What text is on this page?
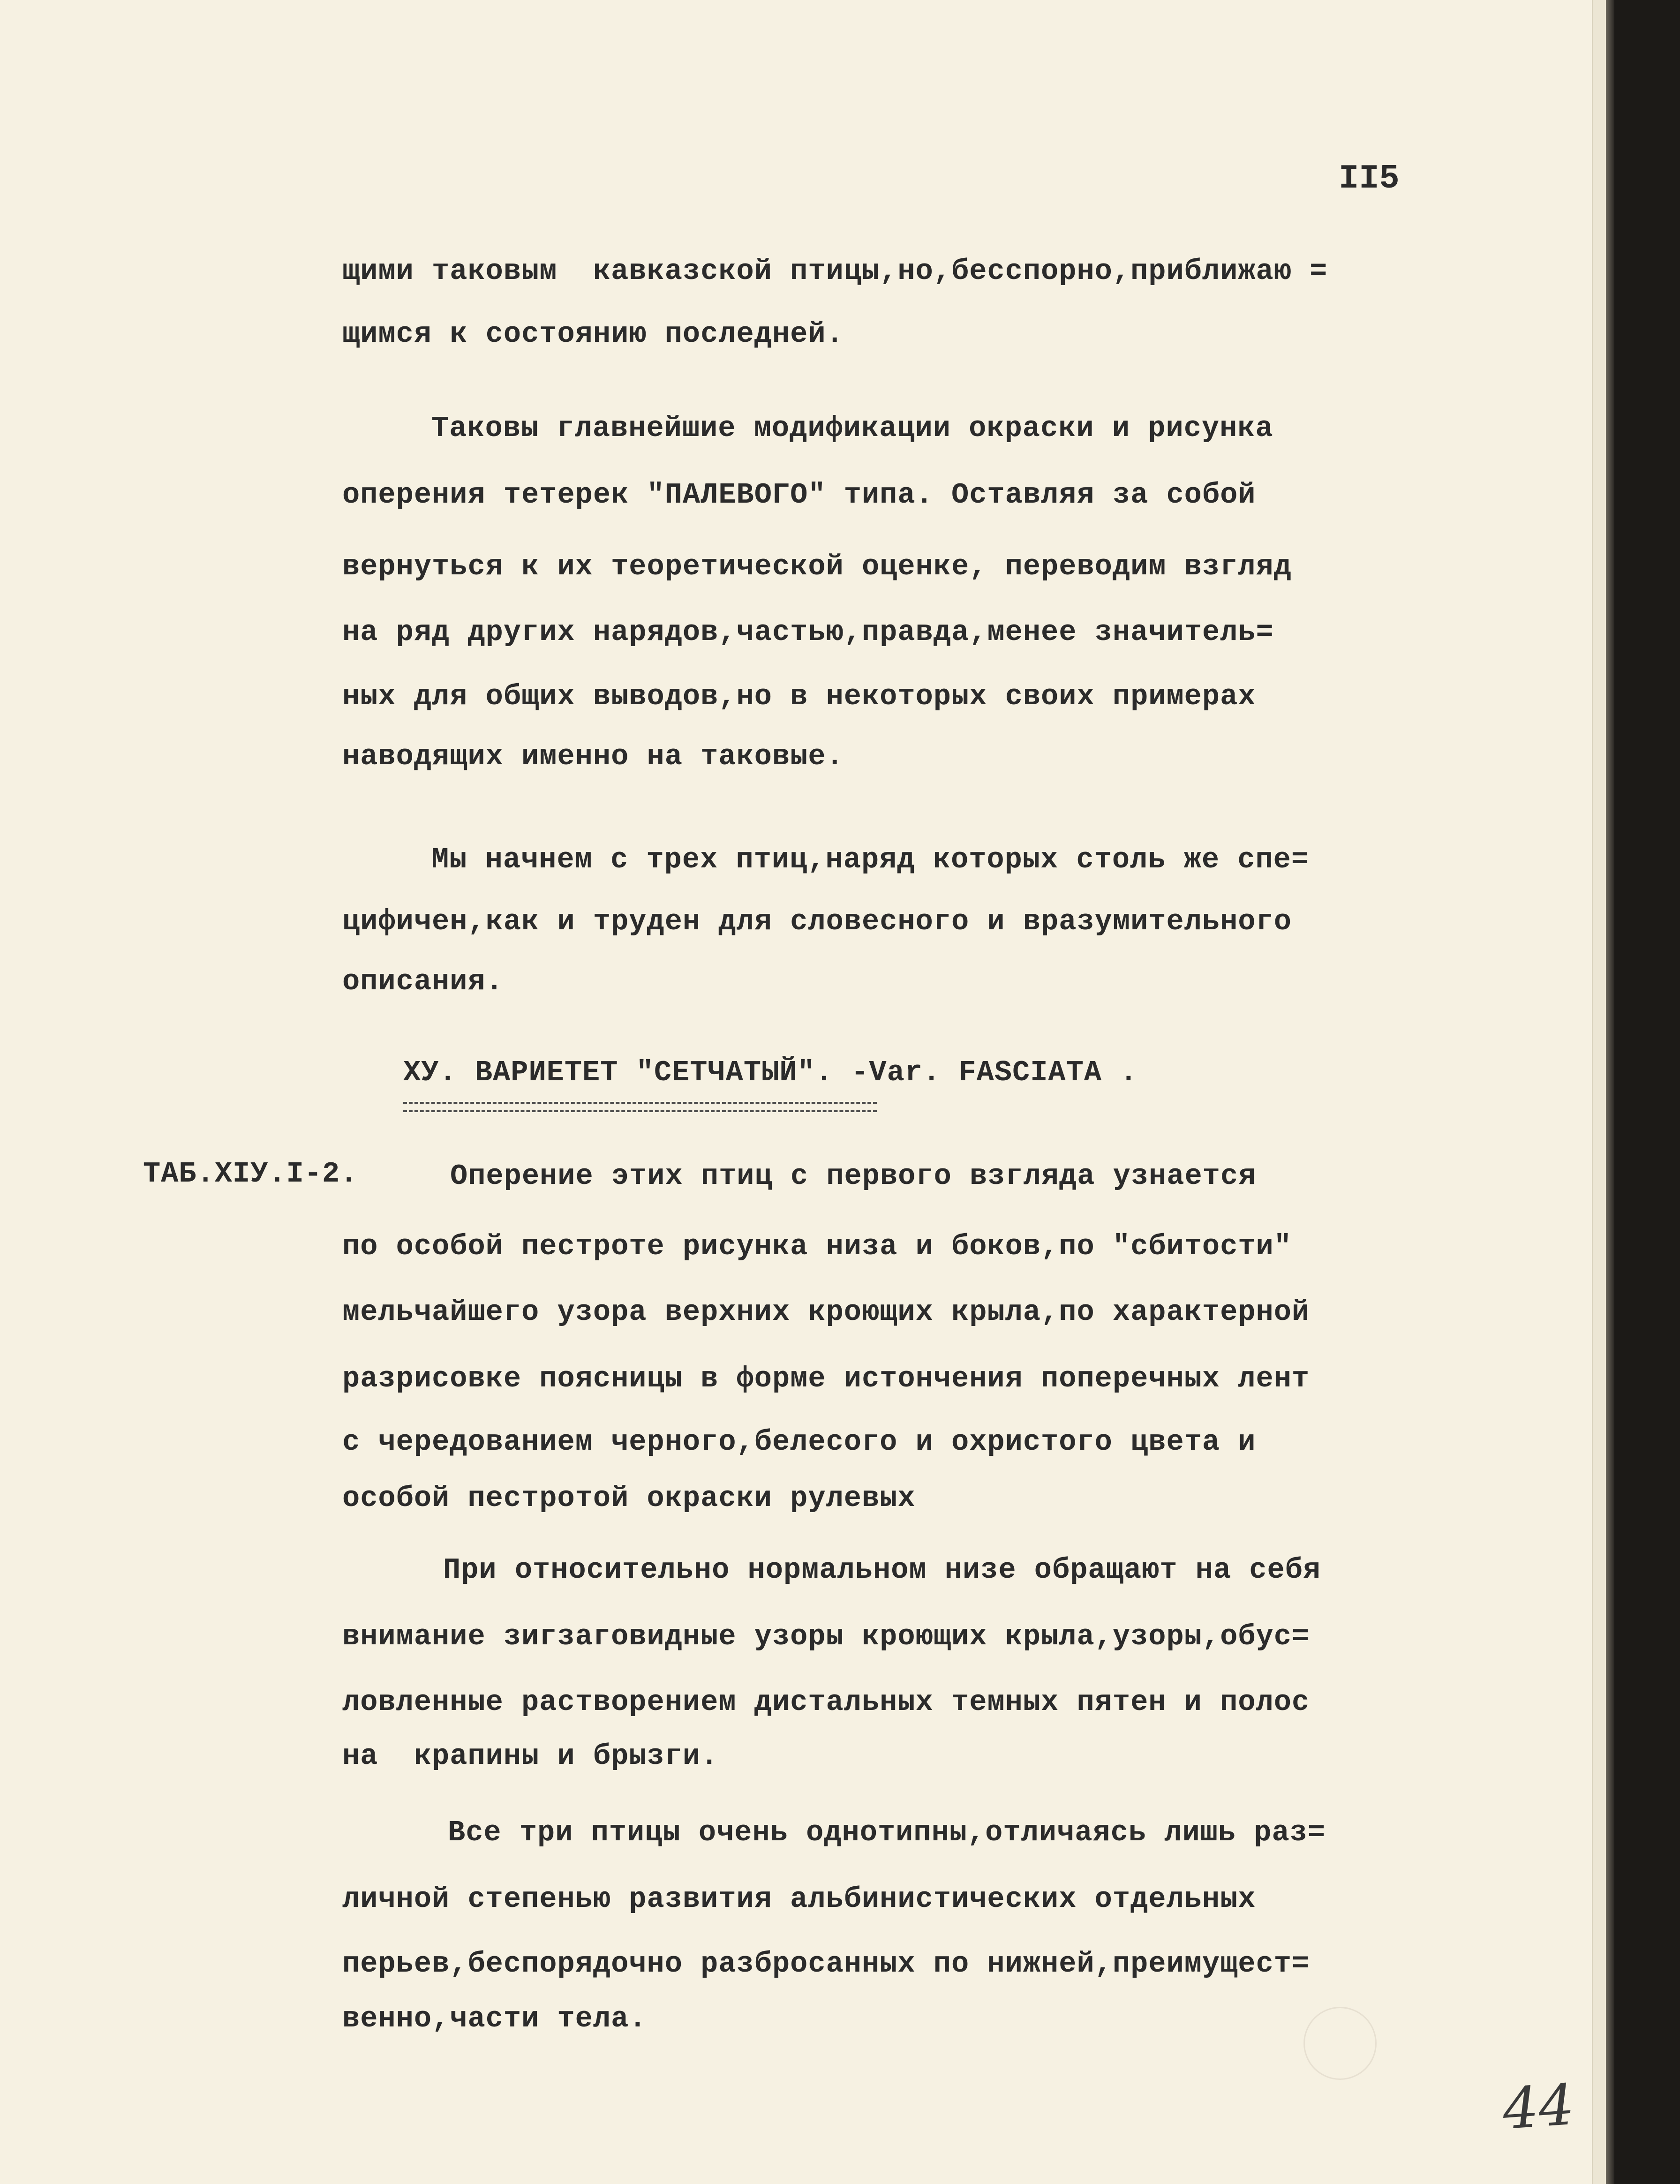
II5

щими таковым  кавказской птицы,но,бесспорно,приближаю =

щимся к состоянию последней.

Таковы главнейшие модификации окраски и рисунка

оперения тетерек "ПАЛЕВОГО" типа. Оставляя за собой

вернуться к их теоретической оценке, переводим взгляд

на ряд других нарядов,частью,правда,менее значитель=

ных для общих выводов,но в некоторых своих примерах

наводящих именно на таковые.

Мы начнем с трех птиц,наряд которых столь же спе=

цифичен,как и труден для словесного и вразумительного

описания.

ХУ. ВАРИЕТЕТ "СЕТЧАТЫЙ". -Var. FASCIATA .

ТАБ.ХIУ.I-2.	Оперение этих птиц с первого взгляда узнается

по особой пестроте рисунка низа и боков,по "сбитости"

мельчайшего узора верхних кроющих крыла,по характерной

разрисовке поясницы в форме истончения поперечных лент

с чередованием черного,белесого и охристого цвета и

особой пестротой окраски рулевых

При относительно нормальном низе обращают на себя

внимание зигзаговидные узоры кроющих крыла,узоры,обус=

ловленные растворением дистальных темных пятен и полос

на  крапины и брызги.

Все три птицы очень однотипны,отличаясь лишь раз=

личной степенью развития альбинистических отдельных

перьев,беспорядочно разбросанных по нижней,преимущест=

венно,части тела.

44
